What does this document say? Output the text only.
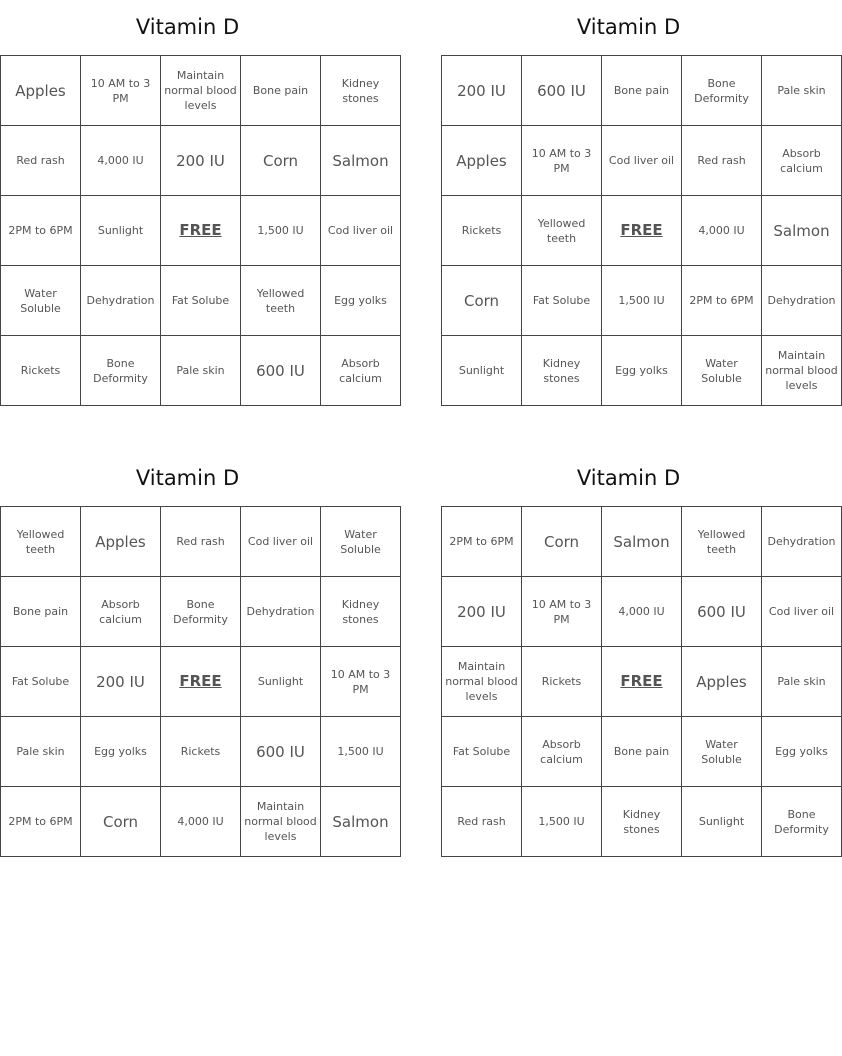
Vitamin D
Apples	10 AM to 3 PM	Maintain normal blood levels	Bone pain	Kidney stones
Red rash	4,000 IU	200 IU	Corn	Salmon
2PM to 6PM	Sunlight	FREE	1,500 IU	Cod liver oil
Water Soluble	Dehydration	Fat Solube	Yellowed teeth	Egg yolks
Rickets	Bone Deformity	Pale skin	600 IU	Absorb calcium
Vitamin D
200 IU	600 IU	Bone pain	Bone Deformity	Pale skin
Apples	10 AM to 3 PM	Cod liver oil	Red rash	Absorb calcium
Rickets	Yellowed teeth	FREE	4,000 IU	Salmon
Corn	Fat Solube	1,500 IU	2PM to 6PM	Dehydration
Sunlight	Kidney stones	Egg yolks	Water Soluble	Maintain normal blood levels
Vitamin D
Yellowed teeth	Apples	Red rash	Cod liver oil	Water Soluble
Bone pain	Absorb calcium	Bone Deformity	Dehydration	Kidney stones
Fat Solube	200 IU	FREE	Sunlight	10 AM to 3 PM
Pale skin	Egg yolks	Rickets	600 IU	1,500 IU
2PM to 6PM	Corn	4,000 IU	Maintain normal blood levels	Salmon
Vitamin D
2PM to 6PM	Corn	Salmon	Yellowed teeth	Dehydration
200 IU	10 AM to 3 PM	4,000 IU	600 IU	Cod liver oil
Maintain normal blood levels	Rickets	FREE	Apples	Pale skin
Fat Solube	Absorb calcium	Bone pain	Water Soluble	Egg yolks
Red rash	1,500 IU	Kidney stones	Sunlight	Bone Deformity
